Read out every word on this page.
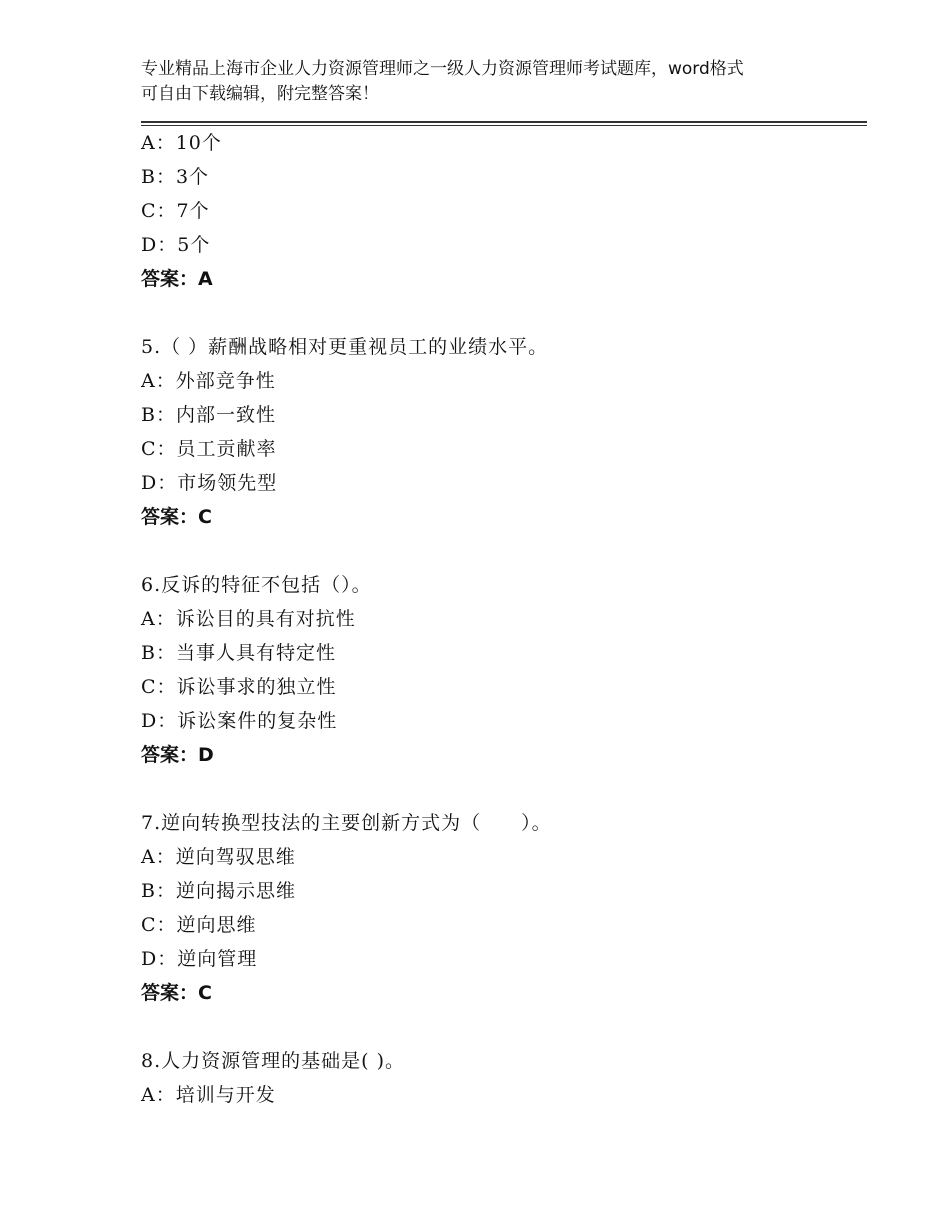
专业精品上海市企业人力资源管理师之一级人力资源管理师考试题库，word格式
可自由下载编辑，附完整答案！
A：10个
B：3个
C：7个
D：5个
答案：A
5.（ ）薪酬战略相对更重视员工的业绩水平。
A：外部竞争性
B：内部一致性
C：员工贡献率
D：市场领先型
答案：C
6.反诉的特征不包括（）。
A：诉讼目的具有对抗性
B：当事人具有特定性
C：诉讼事求的独立性
D：诉讼案件的复杂性
答案：D
7.逆向转换型技法的主要创新方式为（　　）。
A：逆向驾驭思维
B：逆向揭示思维
C：逆向思维
D：逆向管理
答案：C
8.人力资源管理的基础是( )。
A：培训与开发
